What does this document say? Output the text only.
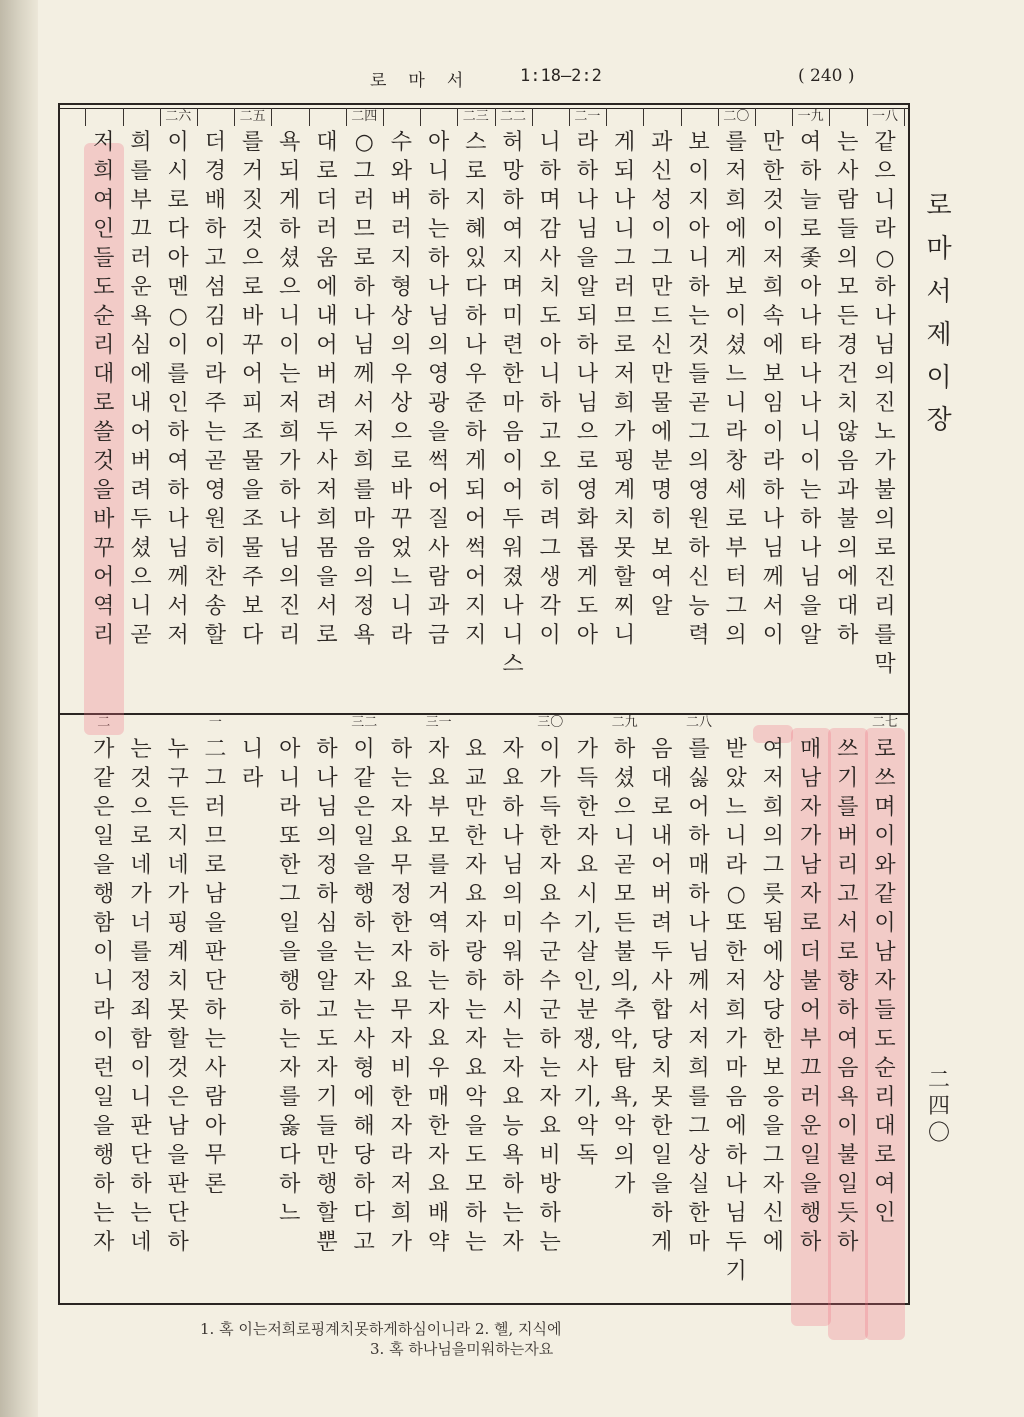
로마서 1:18—2:2	( 240 )
一八
一九
二〇
二一
二二
二三
二四
二五
二六
二七
二八
二九
三〇
三一
三二
一
二
같으니라○하나님의 진노가 불의로 진리를 막
는 사람들의 모든 경건치 않음과 불의에 대하
여 하늘로 좇아 나타나나니 이는 하나님을 알
만한 것이 저희 속에 보임이라 하나님께서 이
를 저희에게 보이셨느니라 창세로부터 그의
보이지 아니하는 것들 곧 그의 영원하신 능력
과 신성이 그 만드신 만물에 분명히 보여 알
게 되나니 그러므로 저희가 핑계치 못할찌니
라 하나님을 알되 하나님으로 영화롭게도 아
니하며 감사치도 아니하고 오히려 그 생각이
허망하여지며 미련한 마음이 어두워졌나니 스
스로 지혜 있다 하나 우준하게 되어 썩어지지
아니하는 하나님의 영광을 썩어질 사람과 금
수와 버러지 형상의 우상으로 바꾸었느니라
○그러므로 하나님께서 저희를 마음의 정욕
대로 더러움에 내어 버려두사 저희 몸을 서로
욕되게 하셨으니 이는 저희가 하나님의 진리
를 거짓 것으로 바꾸어 피조물을 조물주 보다
더 경배하고 섬김이라 주는 곧 영원히 찬송할
이시로다 아멘○이를 인하여 하나님께서 저
희를 부끄러운 욕심에 내어 버려 두셨으니 곧
저희 여인들도 순리대로 쓸 것을 바꾸어 역리
로 쓰며 이와 같이 남자들도 순리대로 여인
쓰기를 버리고 서로 향하여 음욕이 불 일듯하
매 남자가 남자로 더불어 부끄러운 일을 행하
여 저희의 그릇됨에 상당한 보응을 그 자신에
받았느니라○또한 저희가 마음에 하나님 두기
를 싫어하매 하나님께서 저희를 그 상실한 마
음대로 내어 버려두사 합당치 못한 일을 하게
하셨으니 곧 모든 불의, 추악, 탐욕, 악의가
가득한 자요 시기, 살인, 분쟁, 사기, 악독
이 가득한 자요 수군수군하는 자요 비방하는
자요 하나님의 미워하시는 자요 능욕하는 자
요 교만한 자요 자랑하는 자요 악을 도모하는
자요 부모를 거역하는 자요 우매한 자요 배약
하는 자요 무정한 자요 무자비한 자라 저희가
이같은 일을 행하는 자는 사형에 해당하다고
하나님의 정하심을 알고도 자기들만 행할 뿐
아니라 또한 그 일을 행하는 자를 옳다 하느
니라
二 그러므로 남을 판단하는 사람아 무론
누구든지 네가 핑계치 못할 것은 남을 판단하
는 것으로 네가 너를 정죄함이니 판단하는 네
가 같은 일을 행함이니라 이런 일을 행하는 자
로마서 제이장
二四〇
1. 혹 이는저희로핑계치못하게하심이니라 2. 헬, 지식에
3. 혹 하나님을미워하는자요
